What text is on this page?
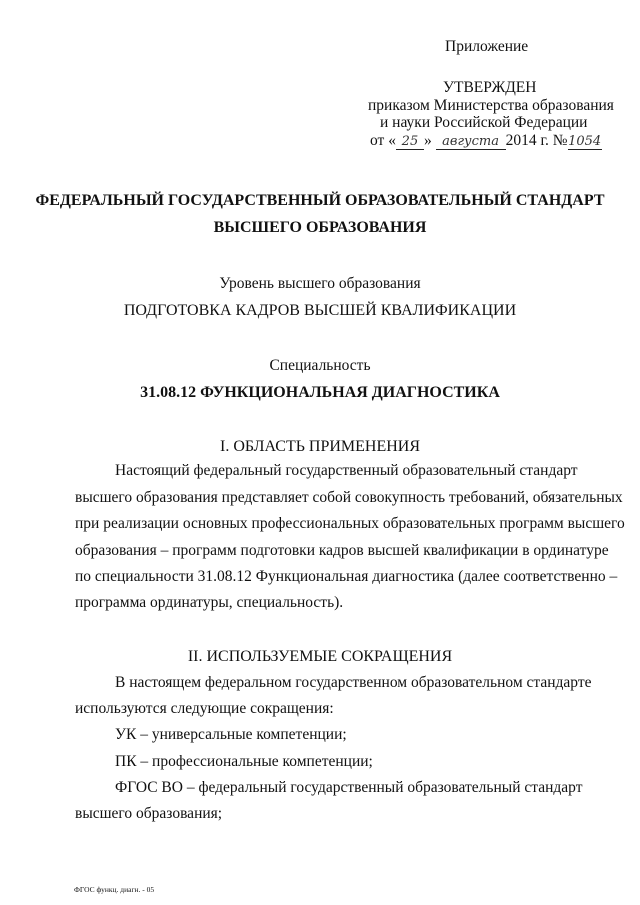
Приложение
УТВЕРЖДЕН
приказом Министерства образования
и науки Российской Федерации
от « 25 » августа 2014 г. №1054
ФЕДЕРАЛЬНЫЙ ГОСУДАРСТВЕННЫЙ ОБРАЗОВАТЕЛЬНЫЙ СТАНДАРТ
ВЫСШЕГО ОБРАЗОВАНИЯ
Уровень высшего образования
ПОДГОТОВКА КАДРОВ ВЫСШЕЙ КВАЛИФИКАЦИИ
Специальность
31.08.12 ФУНКЦИОНАЛЬНАЯ ДИАГНОСТИКА
I. ОБЛАСТЬ ПРИМЕНЕНИЯ
Настоящий федеральный государственный образовательный стандарт
высшего образования представляет собой совокупность требований, обязательных
при реализации основных профессиональных образовательных программ высшего
образования – программ подготовки кадров высшей квалификации в ординатуре
по специальности 31.08.12 Функциональная диагностика (далее соответственно –
программа ординатуры, специальность).
II. ИСПОЛЬЗУЕМЫЕ СОКРАЩЕНИЯ
В настоящем федеральном государственном образовательном стандарте
используются следующие сокращения:
УК – универсальные компетенции;
ПК – профессиональные компетенции;
ФГОС ВО – федеральный государственный образовательный стандарт
высшего образования;
ФГОС функц. диагн. - 05
